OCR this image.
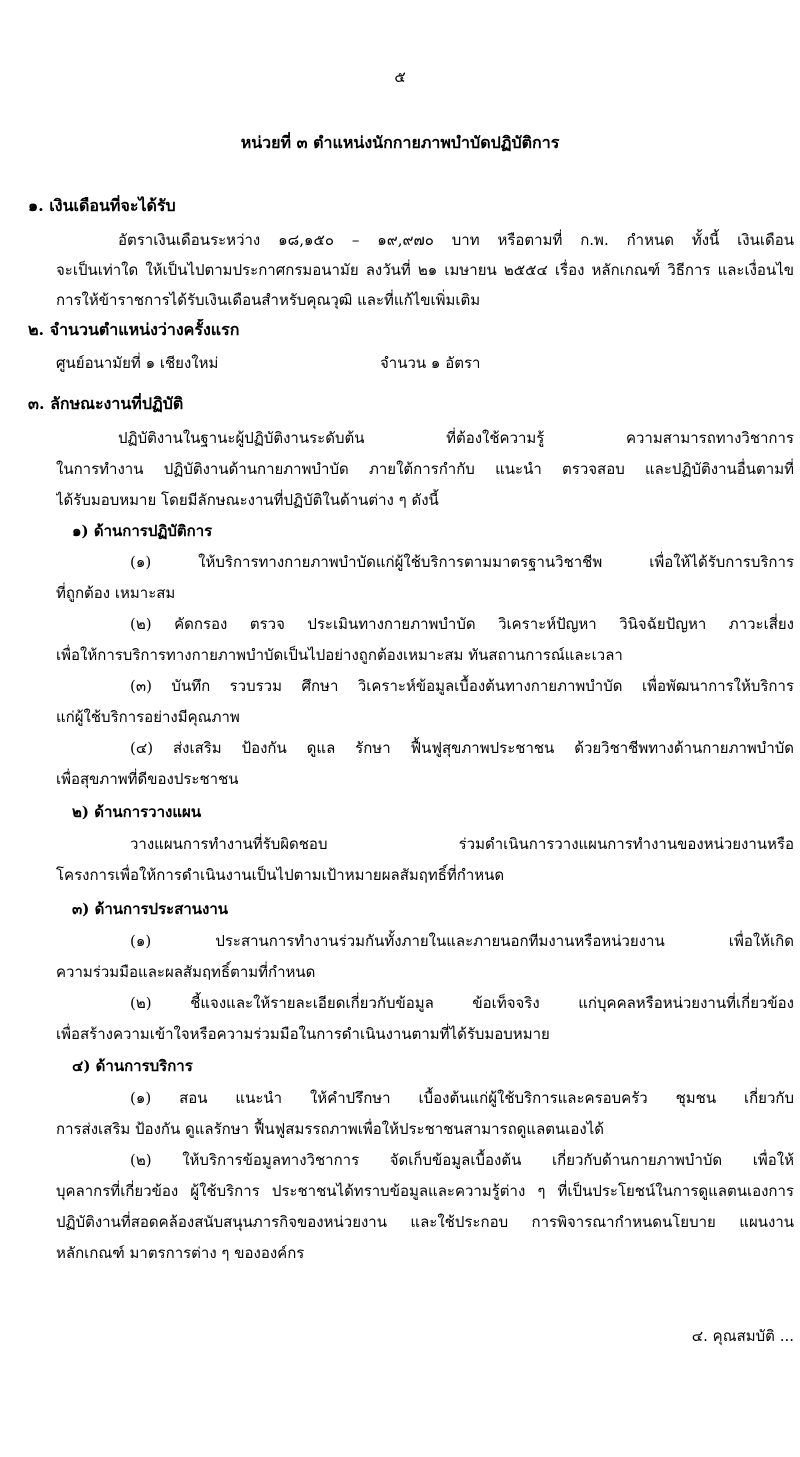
๕
หน่วยที่ ๓ ตำแหน่งนักกายภาพบำบัดปฏิบัติการ
๑. เงินเดือนที่จะได้รับ
อัตราเงินเดือนระหว่าง ๑๘,๑๕๐ – ๑๙,๙๗๐ บาท หรือตามที่ ก.พ. กำหนด ทั้งนี้ เงินเดือน
จะเป็นเท่าใด ให้เป็นไปตามประกาศกรมอนามัย ลงวันที่ ๒๑ เมษายน ๒๕๕๔ เรื่อง หลักเกณฑ์ วิธีการ และเงื่อนไข
การให้ข้าราชการได้รับเงินเดือนสำหรับคุณวุฒิ และที่แก้ไขเพิ่มเติม
๒. จำนวนตำแหน่งว่างครั้งแรก
ศูนย์อนามัยที่ ๑ เชียงใหม่	จำนวน ๑ อัตรา
๓. ลักษณะงานที่ปฏิบัติ
ปฏิบัติงานในฐานะผู้ปฏิบัติงานระดับต้น ที่ต้องใช้ความรู้ ความสามารถทางวิชาการ
ในการทำงาน ปฏิบัติงานด้านกายภาพบำบัด ภายใต้การกำกับ แนะนำ ตรวจสอบ และปฏิบัติงานอื่นตามที่
ได้รับมอบหมาย โดยมีลักษณะงานที่ปฏิบัติในด้านต่าง ๆ ดังนี้
๑) ด้านการปฏิบัติการ
(๑) ให้บริการทางกายภาพบำบัดแก่ผู้ใช้บริการตามมาตรฐานวิชาชีพ เพื่อให้ได้รับการบริการ
ที่ถูกต้อง เหมาะสม
(๒) คัดกรอง ตรวจ ประเมินทางกายภาพบำบัด วิเคราะห์ปัญหา วินิจฉัยปัญหา ภาวะเสี่ยง
เพื่อให้การบริการทางกายภาพบำบัดเป็นไปอย่างถูกต้องเหมาะสม ทันสถานการณ์และเวลา
(๓) บันทึก รวบรวม ศึกษา วิเคราะห์ข้อมูลเบื้องต้นทางกายภาพบำบัด เพื่อพัฒนาการให้บริการ
แก่ผู้ใช้บริการอย่างมีคุณภาพ
(๔) ส่งเสริม ป้องกัน ดูแล รักษา ฟื้นฟูสุขภาพประชาชน ด้วยวิชาชีพทางด้านกายภาพบำบัด
เพื่อสุขภาพที่ดีของประชาชน
๒) ด้านการวางแผน
วางแผนการทำงานที่รับผิดชอบ ร่วมดำเนินการวางแผนการทำงานของหน่วยงานหรือ
โครงการเพื่อให้การดำเนินงานเป็นไปตามเป้าหมายผลสัมฤทธิ์ที่กำหนด
๓) ด้านการประสานงาน
(๑) ประสานการทำงานร่วมกันทั้งภายในและภายนอกทีมงานหรือหน่วยงาน เพื่อให้เกิด
ความร่วมมือและผลสัมฤทธิ์ตามที่กำหนด
(๒) ชี้แจงและให้รายละเอียดเกี่ยวกับข้อมูล ข้อเท็จจริง แก่บุคคลหรือหน่วยงานที่เกี่ยวข้อง
เพื่อสร้างความเข้าใจหรือความร่วมมือในการดำเนินงานตามที่ได้รับมอบหมาย
๔) ด้านการบริการ
(๑) สอน แนะนำ ให้คำปรึกษา เบื้องต้นแก่ผู้ใช้บริการและครอบครัว ชุมชน เกี่ยวกับ
การส่งเสริม ป้องกัน ดูแลรักษา ฟื้นฟูสมรรถภาพเพื่อให้ประชาชนสามารถดูแลตนเองได้
(๒) ให้บริการข้อมูลทางวิชาการ จัดเก็บข้อมูลเบื้องต้น เกี่ยวกับด้านกายภาพบำบัด เพื่อให้
บุคลากรที่เกี่ยวข้อง ผู้ใช้บริการ ประชาชนได้ทราบข้อมูลและความรู้ต่าง ๆ ที่เป็นประโยชน์ในการดูแลตนเองการ
ปฏิบัติงานที่สอดคล้องสนับสนุนภารกิจของหน่วยงาน และใช้ประกอบ การพิจารณากำหนดนโยบาย แผนงาน
หลักเกณฑ์ มาตรการต่าง ๆ ขององค์กร
๔. คุณสมบัติ ...
